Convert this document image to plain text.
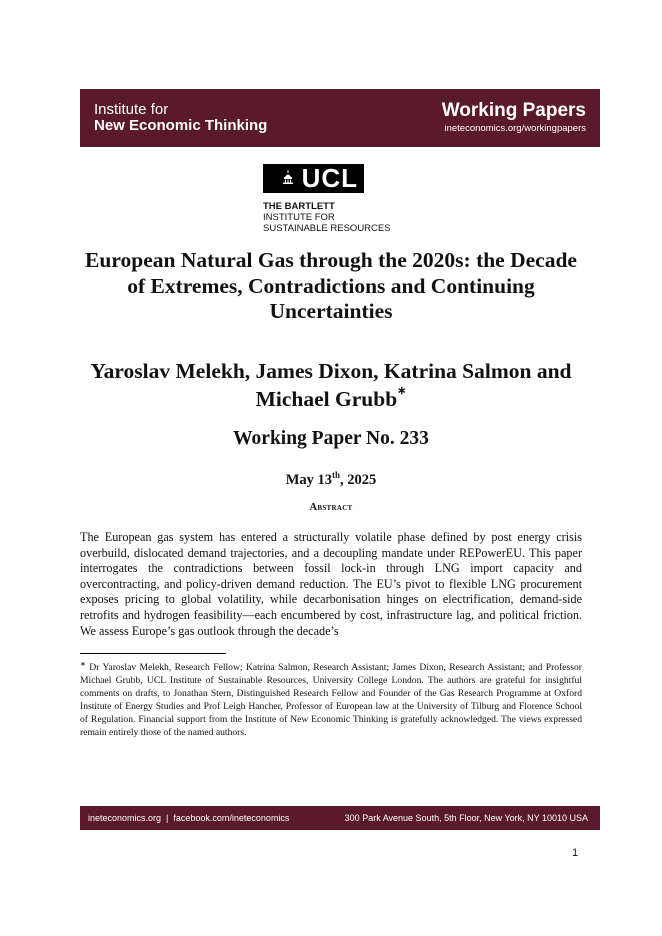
Institute for
New Economic Thinking
Working Papers
ineteconomics.org/workingpapers
UCL
THE BARTLETT
INSTITUTE FOR
SUSTAINABLE RESOURCES
European Natural Gas through the 2020s: the Decade of Extremes, Contradictions and Continuing Uncertainties
Yaroslav Melekh, James Dixon, Katrina Salmon and Michael Grubb∗
Working Paper No. 233
May 13th, 2025
Abstract
The European gas system has entered a structurally volatile phase defined by post energy crisis overbuild, dislocated demand trajectories, and a decoupling mandate under REPowerEU. This paper interrogates the contradictions between fossil lock-in through LNG import capacity and overcontracting, and policy-driven demand reduction. The EU’s pivot to flexible LNG procurement exposes pricing to global volatility, while decarbonisation hinges on electrification, demand-side retrofits and hydrogen feasibility—each encumbered by cost, infrastructure lag, and political friction. We assess Europe’s gas outlook through the decade’s
∗ Dr Yaroslav Melekh, Research Fellow; Katrina Salmon, Research Assistant; James Dixon, Research Assistant; and Professor Michael Grubb, UCL Institute of Sustainable Resources, University College London. The authors are grateful for insightful comments on drafts, to Jonathan Stern, Distinguished Research Fellow and Founder of the Gas Research Programme at Oxford Institute of Energy Studies and Prof Leigh Hancher, Professor of European law at the University of Tilburg and Florence School of Regulation. Financial support from the Institute of New Economic Thinking is gratefully acknowledged. The views expressed remain entirely those of the named authors.
ineteconomics.org  |  facebook.com/ineteconomics	300 Park Avenue South, 5th Floor, New York, NY 10010 USA
1
